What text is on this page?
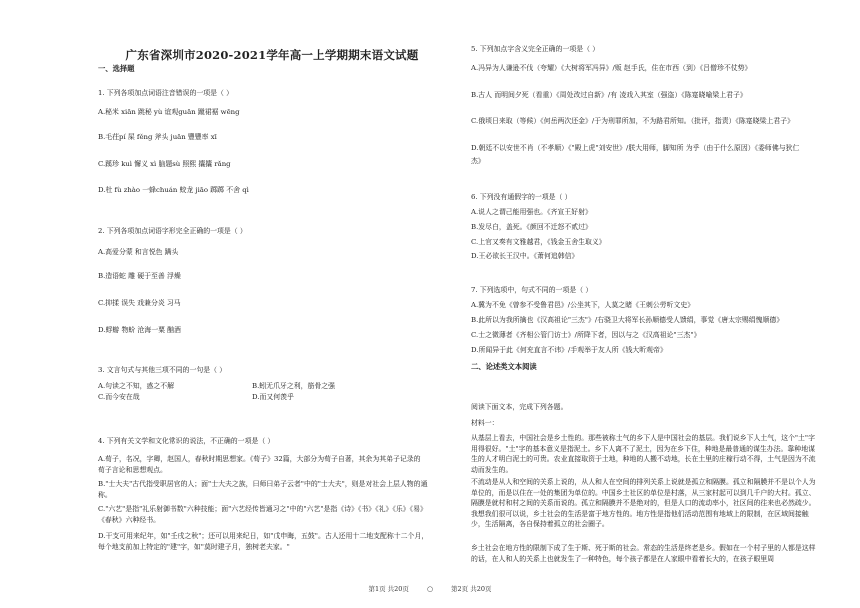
广东省深圳市2020-2021学年高一上学期期末语文试题
一、选择题
1. 下列各项加点词语注音错误的一项是（ ）
A.秘米 xiān 跳秘 yù 谊观guān 蹴裙裾 wēng
B.毛茌pí 屎 fěng 斧头 juān 豐豐率 xī
C.蹊珍 kuì 懈义 xì 脑题sù 照熙 攮攮 rǎng
D.杜 fù zhào 一蜂chuán 蛟龙 jiāo 踯踯 不舍 qì
2. 下列各项加点词语字形完全正确的一项是（ ）
A.高爱分蒙 和言悦色 蹒头
B.造语蛇 雕 硬于至善 浮燥
C.抑揉 误失 戏兼分炎 习马
D.蜉蝣 物蚧 沧海一粟 酗酒
3. 文言句式与其他三项不同的一句是（ ）
A.句读之不知，惑之不解	B.蚓无爪牙之利，筋骨之强
C.而今安在哉	D.而又何羡乎
4. 下列有关文学和文化常识的说法，不正确的一项是（ ）
A.荀子，名况，字卿，赵国人，春秋时期思想家。《荀子》32篇，大部分为荀子自著，其余为其弟子记录的
荀子言论和思想观点。
B."士大夫"古代指受职居官的人；面"士大夫之族，曰师曰弟子云者"中的"士大夫"，则是对社会上层人物的通
称。
C."六艺"是指"礼乐射御书数"六种技能；面"六艺经传皆通习之"中的"六艺"是指《诗》《书》《礼》《乐》《易》
《春秋》六种经书。
D.干支可用来纪年，如"壬戌之秋"；还可以用来纪日，如"戊申晦，五鼓"。古人还用十二地支配称十二个月，
每个地支前加上特定的"建"字，如"莫时建子月，独树老夫家。"
5. 下列加点字含义完全正确的一项是（ ）
A.冯异为人谦逊不伐（夸耀）《大树将军冯异》/贩 赵手氏，住在市西（到）《吕僧珍不仗势》
B.古人 而明间夕死（看重）《周处改过自新》/有 凌戏入其室（强盗）《陈寔晓喻梁上君子》
C.俄顷日来取（等候）《何岳两次还金》/于为刑罪所加，不为路君所知。（批评，指责）《陈寔晓梁上君子》
D.朝廷不以安世不肖（不孝顺）《"殿上虎"刘安世》/朕大用师，脚知所 为乎（由于什么原因）《委师佛与狄仁
杰》
6. 下列没有通假字的一项是（ ）
A.说人之谓己能用强也。《齐宣王好射》
B.发尽白，盖死。《颜回不迁怒不贰过》
C.上官又奏有文雅越君，《钱金玉舍生取义》
D.王必欲长王汉中。《萧何追韩信》
7. 下列选项中，句式不同的一项是（ ）
A.冀为不免《曾参不受鲁君邑》/公坐其下，人莫之睹《王刺公劳听文史》
B.此所以为我所擒也《汉高祖论"三杰"》/右骁卫大将军长孙顺德受人馈绢，事觉《唐太宗赐绢愧顺德》
C.士之微薄者《齐相公管门访士》/所降下者，因以与之《汉高祖论"三杰"》
D.所闻异于此《何充直言不讳》/手观举于友人所《钱大昕观帝》
二、论述类文本阅读
阅读下面文本，完成下列各题。
材料一：
从基层上看去，中国社会是乡土性的。那些被称土气的乡下人是中国社会的基层。我们说乡下人土气，这个"土"字用得很好。"土"字的基本意义是指泥土。乡下人离不了泥土，因为在乡下住，种地是最普通的谋生办法。靠种地谋生的人才明白泥土的可贵。农业直接取资于土地，种地的人搬不动地，长在土里的庄稼行动不得，土气是因为不流动而发生的。
不流动是从人和空间的关系上说的，从人和人在空间的排列关系上说就是孤立和隔膜。孤立和隔膜并不是以个人为单位的，而是以住在一处的集团为单位的。中国乡土社区的单位是村落，从三家村起可以到几千户的大村。孤立、隔膜是就村和村之间的关系而说的。孤立和隔膜并不是绝对的，但是人口的流动率小，社区间的往来也必然疏少。我想我们很可以说，乡土社会的生活是富于地方性的。地方性是指他们活动范围有地域上的限制，在区域间接触少，生活隔离，各自保持着孤立的社会圈子。
乡土社会在地方性的限制下成了生于斯、死于斯的社会。常态的生活是终老是乡。假如在一个村子里的人都是这样的话，在人和人的关系上也就发生了一种特色，每个孩子都是在人家眼中看着长大的，在孩子眼里周
第1页 共20页	○	第2页 共20页
